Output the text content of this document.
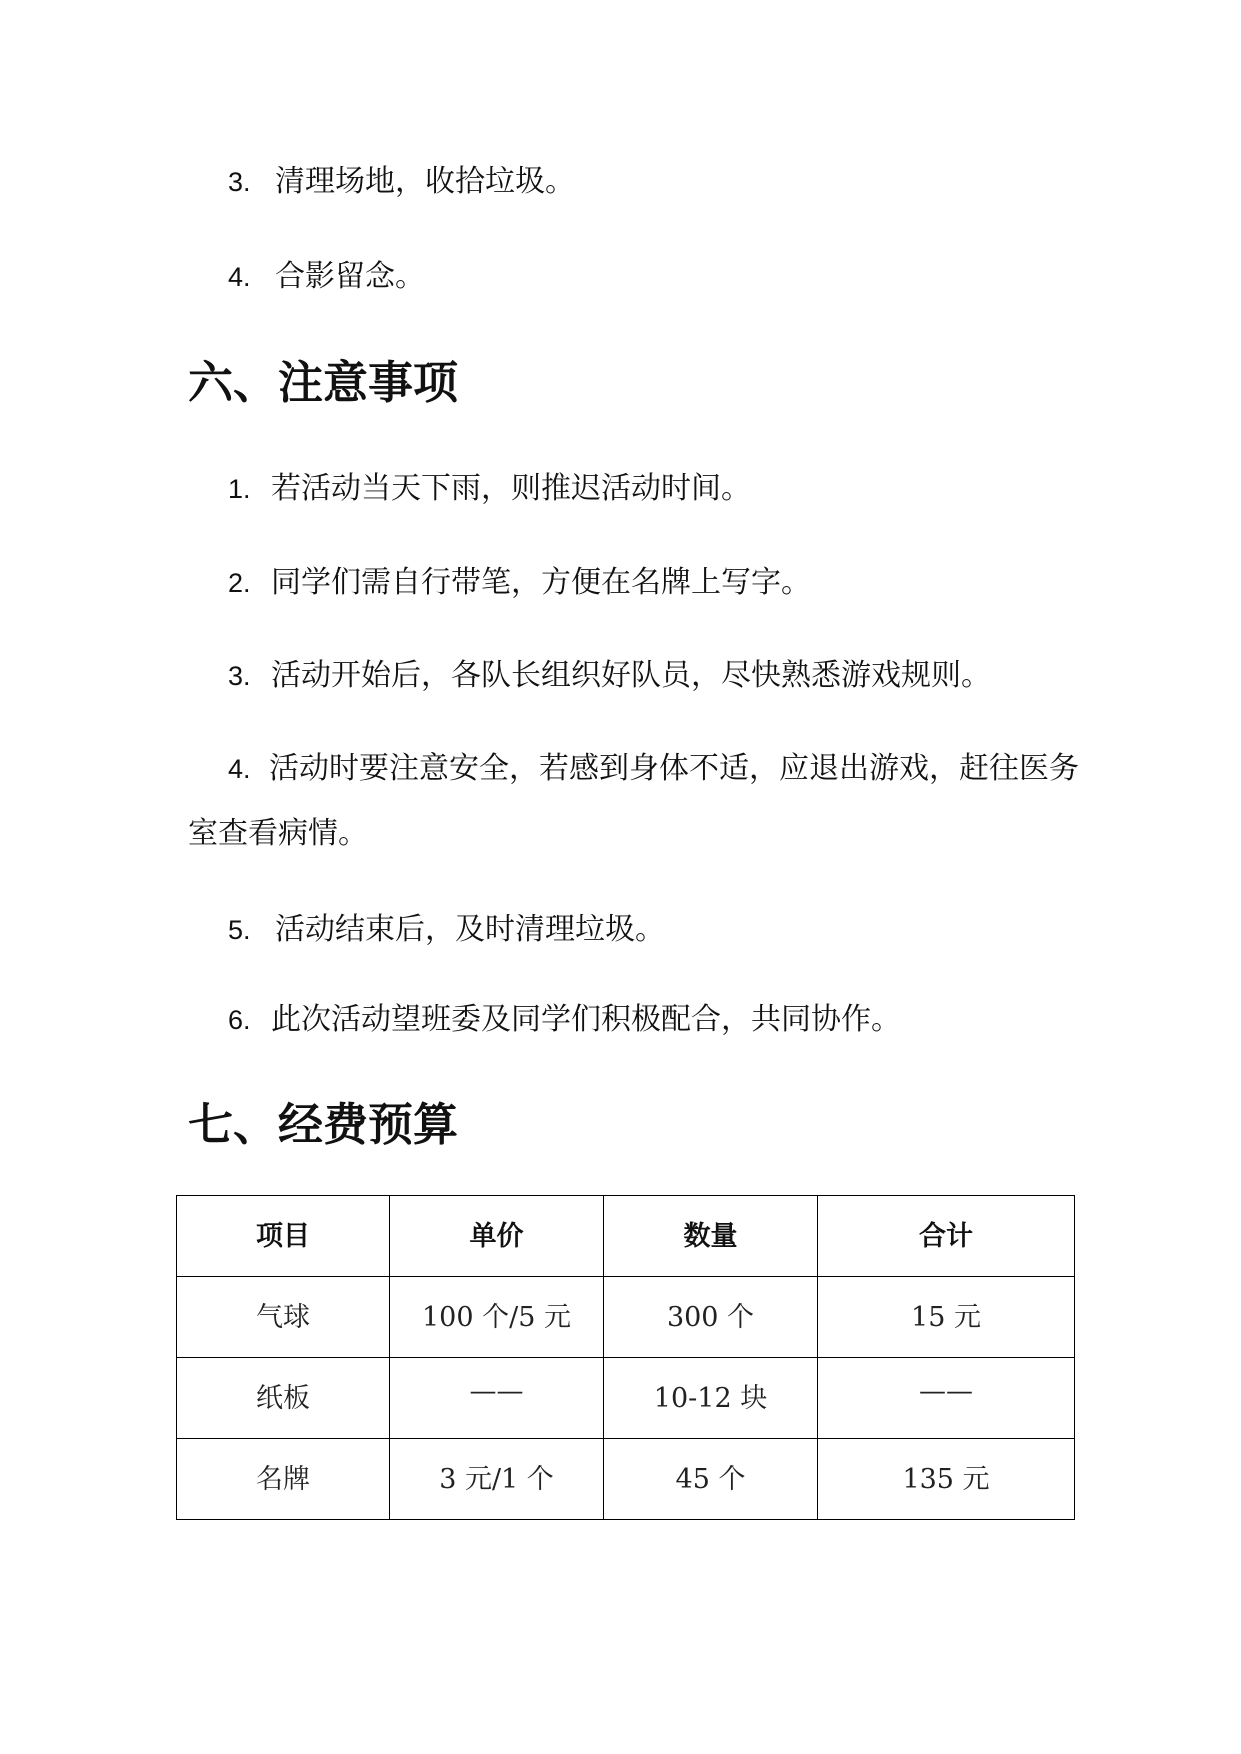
3. 清理场地，收拾垃圾。
4. 合影留念。
六、注意事项
1. 若活动当天下雨，则推迟活动时间。
2. 同学们需自行带笔，方便在名牌上写字。
3. 活动开始后，各队长组织好队员，尽快熟悉游戏规则。
4. 活动时要注意安全，若感到身体不适，应退出游戏，赶往医务
室查看病情。
5. 活动结束后，及时清理垃圾。
6. 此次活动望班委及同学们积极配合，共同协作。
七、经费预算
项目	单价	数量	合计
气球	100 个/5 元	300 个	15 元
纸板	——	10-12 块	——
名牌	3 元/1 个	45 个	135 元
